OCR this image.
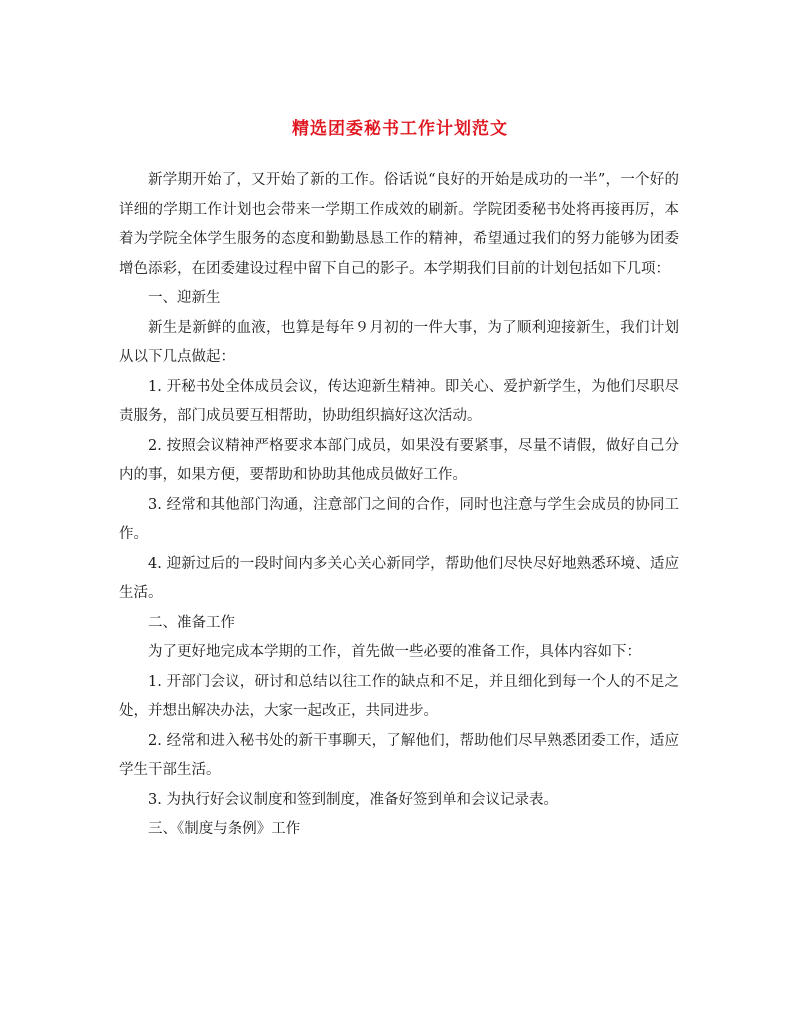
精选团委秘书工作计划范文

新学期开始了，又开始了新的工作。俗话说“良好的开始是成功的一半”，一个好的详细的学期工作计划也会带来一学期工作成效的刷新。学院团委秘书处将再接再厉，本着为学院全体学生服务的态度和勤勤恳恳工作的精神，希望通过我们的努力能够为团委增色添彩，在团委建设过程中留下自己的影子。本学期我们目前的计划包括如下几项：

一、迎新生

新生是新鲜的血液，也算是每年９月初的一件大事，为了顺利迎接新生，我们计划从以下几点做起：

1. 开秘书处全体成员会议，传达迎新生精神。即关心、爱护新学生，为他们尽职尽责服务，部门成员要互相帮助，协助组织搞好这次活动。

2. 按照会议精神严格要求本部门成员，如果没有要紧事，尽量不请假，做好自己分内的事，如果方便，要帮助和协助其他成员做好工作。

3. 经常和其他部门沟通，注意部门之间的合作，同时也注意与学生会成员的协同工作。

4. 迎新过后的一段时间内多关心关心新同学，帮助他们尽快尽好地熟悉环境、适应生活。

二、准备工作

为了更好地完成本学期的工作，首先做一些必要的准备工作，具体内容如下：

1. 开部门会议，研讨和总结以往工作的缺点和不足，并且细化到每一个人的不足之处，并想出解决办法，大家一起改正，共同进步。

2. 经常和进入秘书处的新干事聊天，了解他们，帮助他们尽早熟悉团委工作，适应学生干部生活。

3. 为执行好会议制度和签到制度，准备好签到单和会议记录表。

三、《制度与条例》工作
